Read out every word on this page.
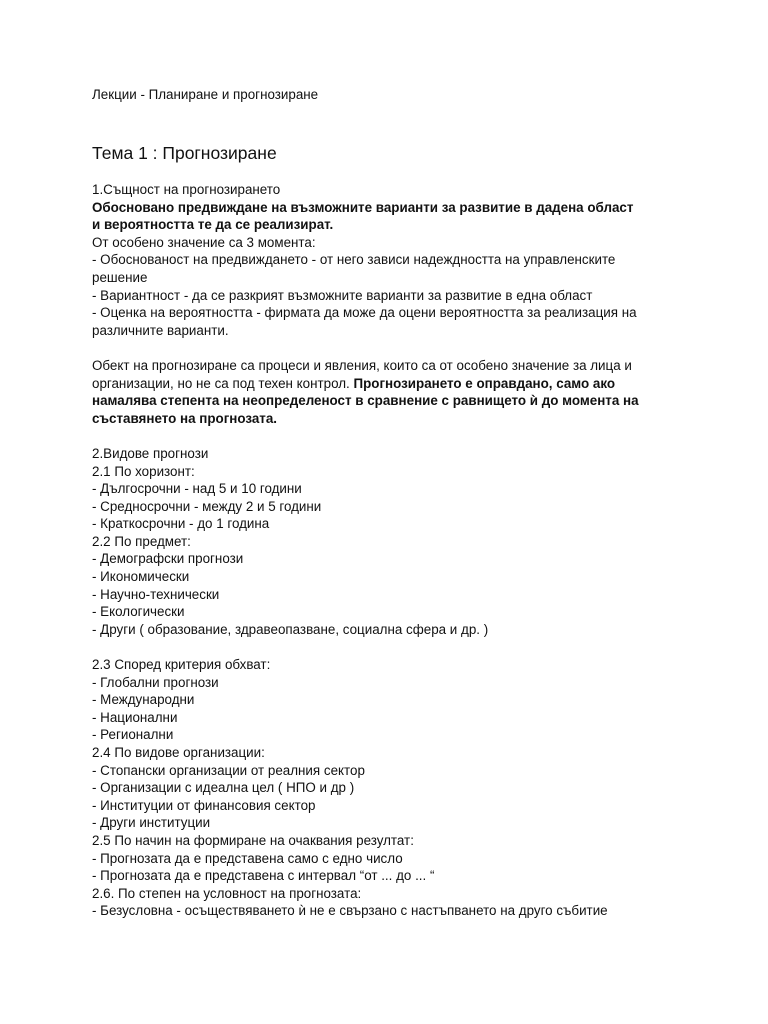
Лекции - Планиране и прогнозиране
Тема 1 : Прогнозиране
1.Същност на прогнозирането
Обосновано предвиждане на възможните варианти за развитие в дадена област
и вероятността те да се реализират.
От особено значение са 3 момента:
- Обоснованост на предвиждането - от него зависи надеждността на управленските
решение
- Вариантност - да се разкрият възможните варианти за развитие в една област
- Оценка на вероятността - фирмата да може да оцени вероятността за реализация на
различните варианти.
Обект на прогнозиране са процеси и явления, които са от особено значение за лица и
организации, но не са под техен контрол. Прогнозирането е оправдано, само ако
намалява степента на неопределеност в сравнение с равнището ѝ до момента на
съставянето на прогнозата.
2.Видове прогнози
2.1 По хоризонт:
- Дългосрочни - над 5 и 10 години
- Средносрочни - между 2 и 5 години
- Краткосрочни - до 1 година
2.2 По предмет:
- Демографски прогнози
- Икономически
- Научно-технически
- Екологически
- Други ( образование, здравеопазване, социална сфера и др. )
2.3 Според критерия обхват:
- Глобални прогнози
- Международни
- Национални
- Регионални
2.4 По видове организации:
- Стопански организации от реалния сектор
- Организации с идеална цел ( НПО и др )
- Институции от финансовия сектор
- Други институции
2.5 По начин на формиране на очаквания резултат:
- Прогнозата да е представена само с едно число
- Прогнозата да е представена с интервал “от ... до ... “
2.6. По степен на условност на прогнозата:
- Безусловна - осъществяването ѝ не е свързано с настъпването на друго събитие
